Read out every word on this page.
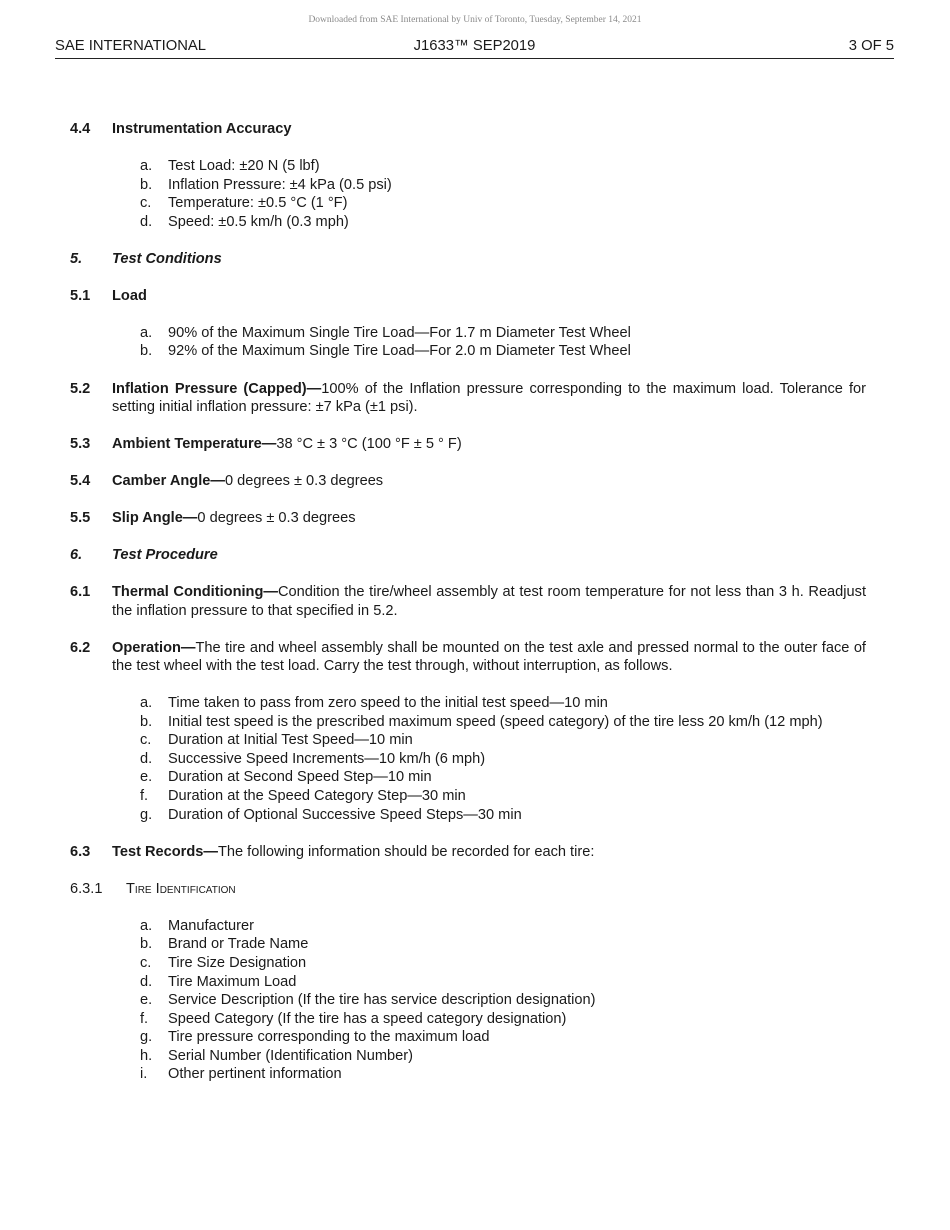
Downloaded from SAE International by Univ of Toronto, Tuesday, September 14, 2021
SAE INTERNATIONAL	J1633™ SEP2019	3 OF 5
4.4 Instrumentation Accuracy
a. Test Load: ±20 N (5 lbf)
b. Inflation Pressure: ±4 kPa (0.5 psi)
c. Temperature: ±0.5 °C (1 °F)
d. Speed: ±0.5 km/h (0.3 mph)
5. Test Conditions
5.1 Load
a. 90% of the Maximum Single Tire Load—For 1.7 m Diameter Test Wheel
b. 92% of the Maximum Single Tire Load—For 2.0 m Diameter Test Wheel
5.2 Inflation Pressure (Capped)—100% of the Inflation pressure corresponding to the maximum load. Tolerance for setting initial inflation pressure: ±7 kPa (±1 psi).
5.3 Ambient Temperature—38 °C ± 3 °C (100 °F ± 5 ° F)
5.4 Camber Angle—0 degrees ± 0.3 degrees
5.5 Slip Angle—0 degrees ± 0.3 degrees
6. Test Procedure
6.1 Thermal Conditioning—Condition the tire/wheel assembly at test room temperature for not less than 3 h. Readjust the inflation pressure to that specified in 5.2.
6.2 Operation—The tire and wheel assembly shall be mounted on the test axle and pressed normal to the outer face of the test wheel with the test load. Carry the test through, without interruption, as follows.
a. Time taken to pass from zero speed to the initial test speed—10 min
b. Initial test speed is the prescribed maximum speed (speed category) of the tire less 20 km/h (12 mph)
c. Duration at Initial Test Speed—10 min
d. Successive Speed Increments—10 km/h (6 mph)
e. Duration at Second Speed Step—10 min
f. Duration at the Speed Category Step—30 min
g. Duration of Optional Successive Speed Steps—30 min
6.3 Test Records—The following information should be recorded for each tire:
6.3.1 Tire Identification
a. Manufacturer
b. Brand or Trade Name
c. Tire Size Designation
d. Tire Maximum Load
e. Service Description (If the tire has service description designation)
f. Speed Category (If the tire has a speed category designation)
g. Tire pressure corresponding to the maximum load
h. Serial Number (Identification Number)
i. Other pertinent information
